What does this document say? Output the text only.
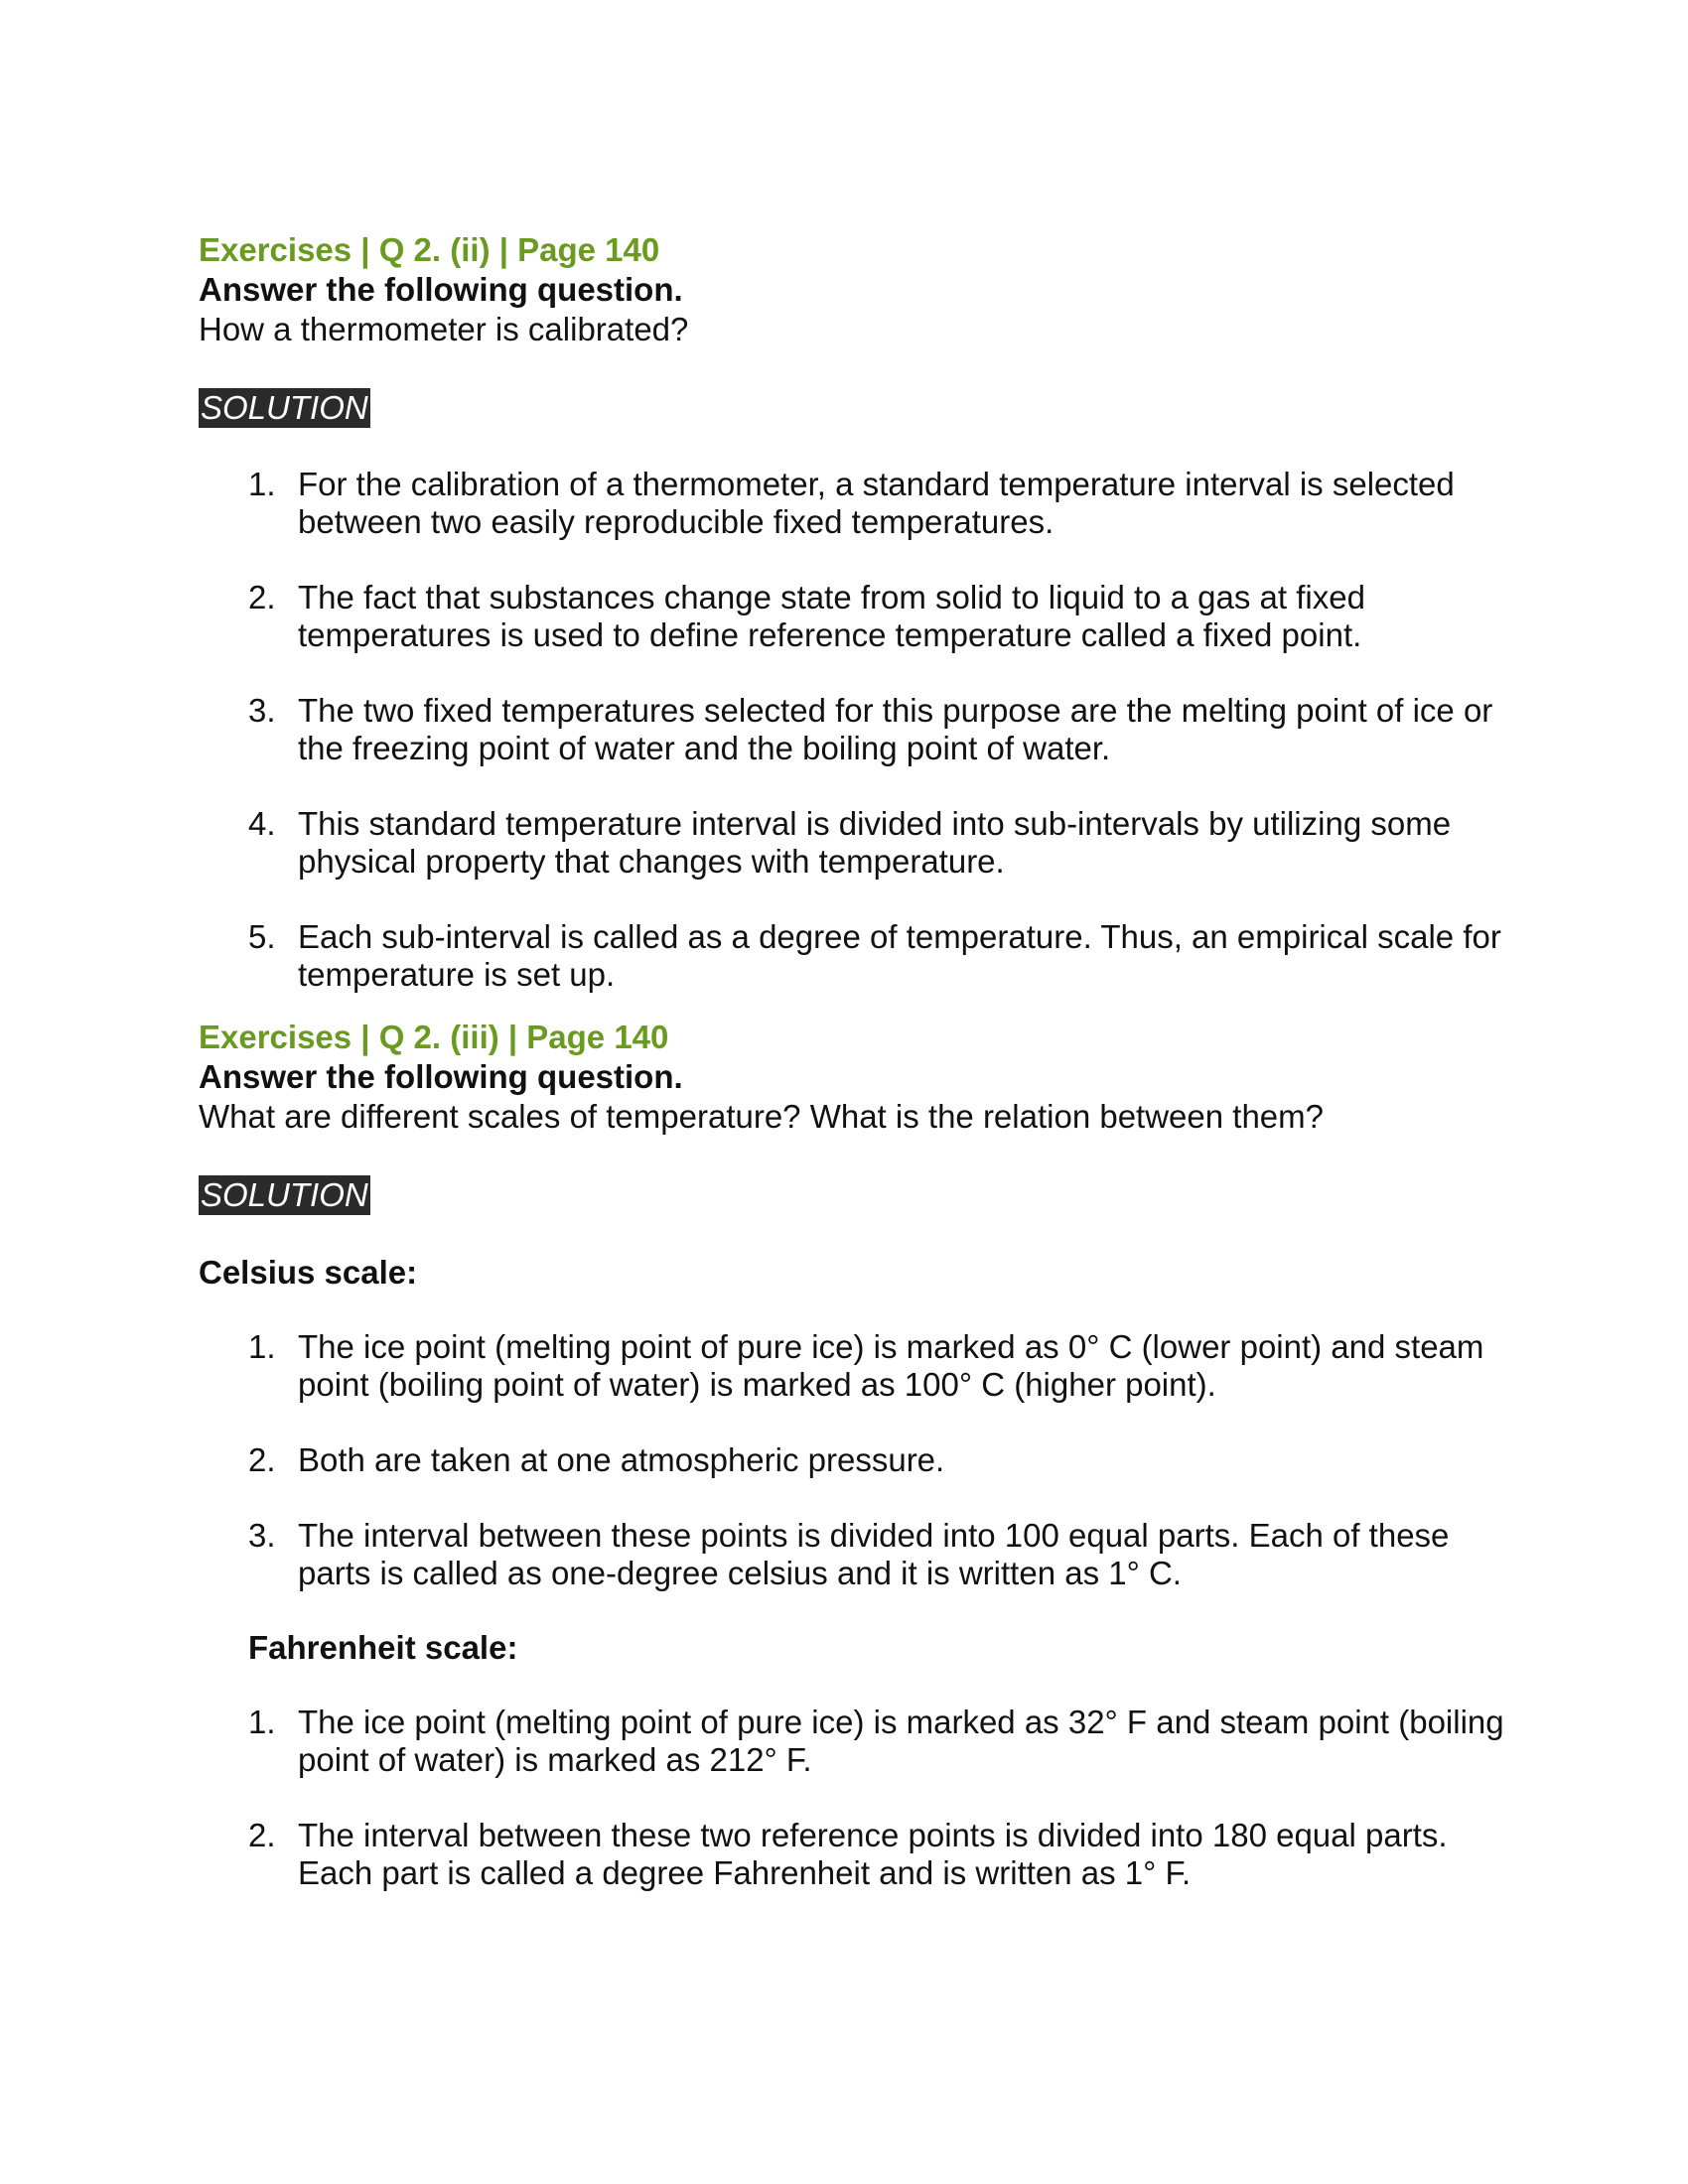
Exercises | Q 2. (ii) | Page 140

Answer the following question.

How a thermometer is calibrated?

SOLUTION
1. For the calibration of a thermometer, a standard temperature interval is selected between two easily reproducible fixed temperatures.
2. The fact that substances change state from solid to liquid to a gas at fixed temperatures is used to define reference temperature called a fixed point.
3. The two fixed temperatures selected for this purpose are the melting point of ice or the freezing point of water and the boiling point of water.
4. This standard temperature interval is divided into sub-intervals by utilizing some physical property that changes with temperature.
5. Each sub-interval is called as a degree of temperature. Thus, an empirical scale for temperature is set up.

Exercises | Q 2. (iii) | Page 140

Answer the following question.

What are different scales of temperature? What is the relation between them?

SOLUTION

Celsius scale:

1. The ice point (melting point of pure ice) is marked as 0° C (lower point) and steam point (boiling point of water) is marked as 100° C (higher point).
2. Both are taken at one atmospheric pressure.
3. The interval between these points is divided into 100 equal parts. Each of these parts is called as one-degree celsius and it is written as 1° C.

Fahrenheit scale:

1. The ice point (melting point of pure ice) is marked as 32° F and steam point (boiling point of water) is marked as 212° F.
2. The interval between these two reference points is divided into 180 equal parts. Each part is called a degree Fahrenheit and is written as 1° F.
